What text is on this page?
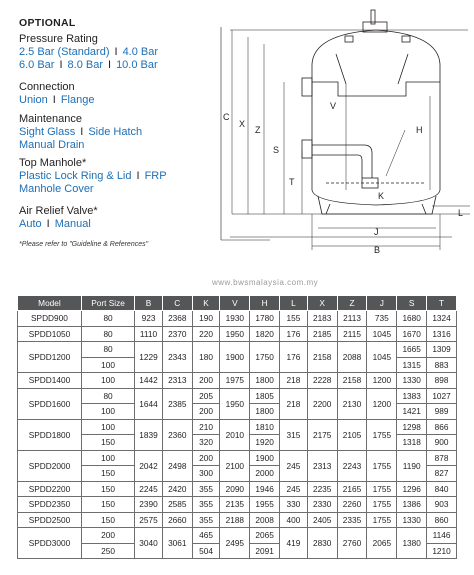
OPTIONAL
Pressure Rating
2.5 Bar (Standard) I 4.0 Bar
6.0 Bar I 8.0 Bar I 10.0 Bar
Connection
Union I Flange
Maintenance
Sight Glass I Side Hatch
Manual Drain
Top Manhole*
Plastic Lock Ring & Lid I FRP
Manhole Cover
Air Relief Valve*
Auto I Manual
*Please refer to "Guideline & References"
C
X
Z
S
T
V
H
K
L
J
B
www.bwsmalaysia.com.my
Model	Port Size	B	C	K	V	H	L	X	Z	J	S	T
SPDD900	80	923	2368	190	1930	1780	155	2183	2113	735	1680	1324
SPDD1050	80	1110	2370	220	1950	1820	176	2185	2115	1045	1670	1316
SPDD1200	80	1229	2343	180	1900	1750	176	2158	2088	1045	1665	1309
	100										1315	883
SPDD1400	100	1442	2313	200	1975	1800	218	2228	2158	1200	1330	898
SPDD1600	80	1644	2385	205	1950	1805	218	2200	2130	1200	1383	1027
	100			200		1800					1421	989
SPDD1800	100	1839	2360	210	2010	1810	315	2175	2105	1755	1298	866
	150			320		1920					1318	900
SPDD2000	100	2042	2498	200	2100	1900	245	2313	2243	1755	1190	878
	150			300		2000						827
SPDD2200	150	2245	2420	355	2090	1946	245	2235	2165	1755	1296	840
SPDD2350	150	2390	2585	355	2135	1955	330	2330	2260	1755	1386	903
SPDD2500	150	2575	2660	355	2188	2008	400	2405	2335	1755	1330	860
SPDD3000	200	3040	3061	465	2495	2065	419	2830	2760	2065	1380	1146
	250			504		2091						1210
